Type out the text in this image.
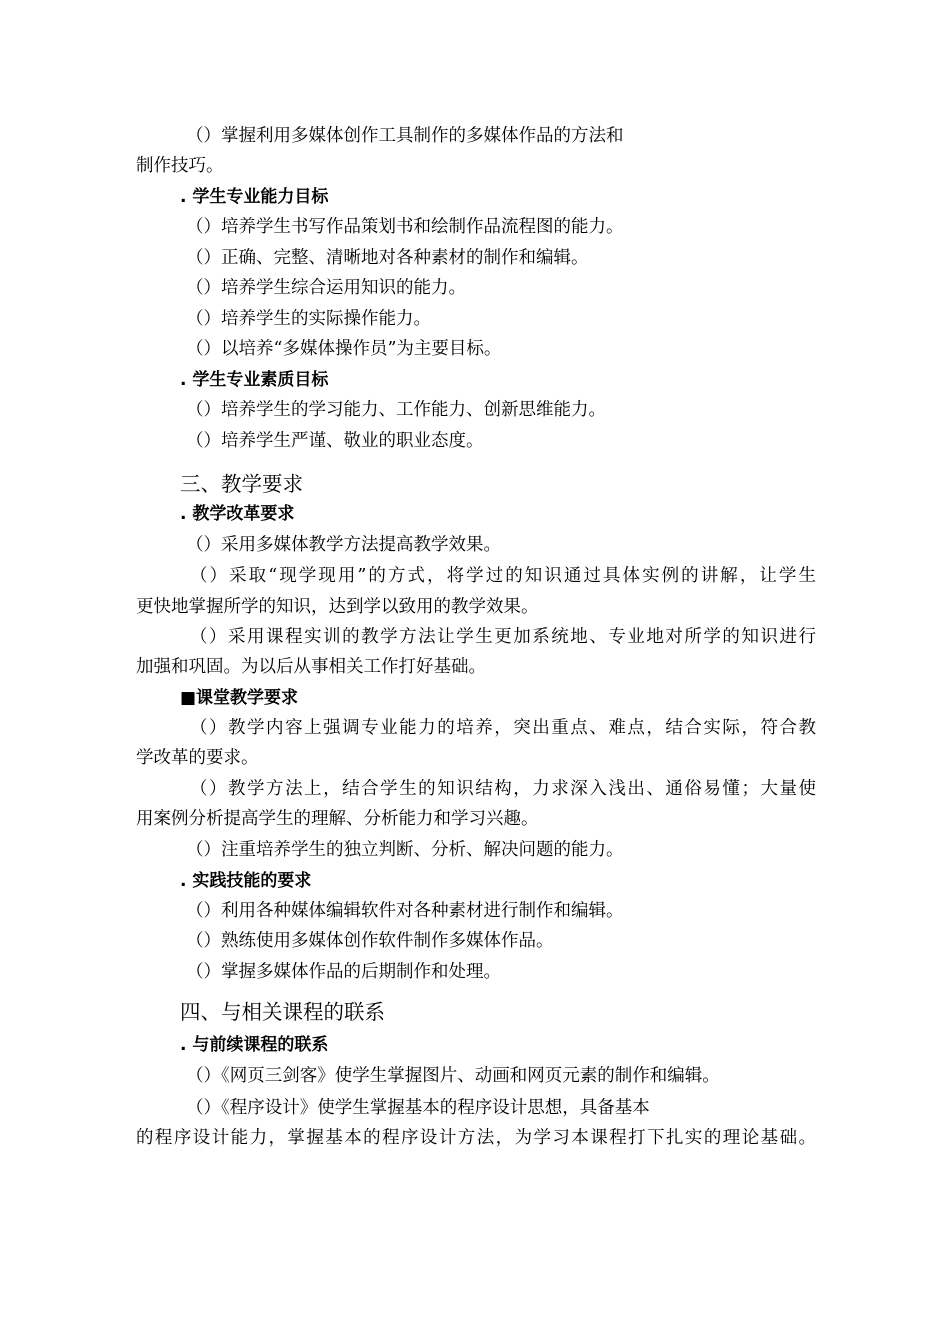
（）掌握利用多媒体创作工具制作的多媒体作品的方法和
制作技巧。
. 学生专业能力目标
（）培养学生书写作品策划书和绘制作品流程图的能力。
（）正确、完整、清晰地对各种素材的制作和编辑。
（）培养学生综合运用知识的能力。
（）培养学生的实际操作能力。
（）以培养“多媒体操作员”为主要目标。
. 学生专业素质目标
（）培养学生的学习能力、工作能力、创新思维能力。
（）培养学生严谨、敬业的职业态度。
三、教学要求
. 教学改革要求
（）采用多媒体教学方法提高教学效果。
（）采取“现学现用”的方式，将学过的知识通过具体实例的讲解，让学生
更快地掌握所学的知识，达到学以致用的教学效果。
（）采用课程实训的教学方法让学生更加系统地、专业地对所学的知识进行
加强和巩固。为以后从事相关工作打好基础。
■课堂教学要求
（）教学内容上强调专业能力的培养，突出重点、难点，结合实际，符合教
学改革的要求。
（）教学方法上，结合学生的知识结构，力求深入浅出、通俗易懂；大量使
用案例分析提高学生的理解、分析能力和学习兴趣。
（）注重培养学生的独立判断、分析、解决问题的能力。
. 实践技能的要求
（）利用各种媒体编辑软件对各种素材进行制作和编辑。
（）熟练使用多媒体创作软件制作多媒体作品。
（）掌握多媒体作品的后期制作和处理。
四、与相关课程的联系
. 与前续课程的联系
（）《网页三剑客》使学生掌握图片、动画和网页元素的制作和编辑。
（）《程序设计》使学生掌握基本的程序设计思想，具备基本
的程序设计能力，掌握基本的程序设计方法，为学习本课程打下扎实的理论基础。
